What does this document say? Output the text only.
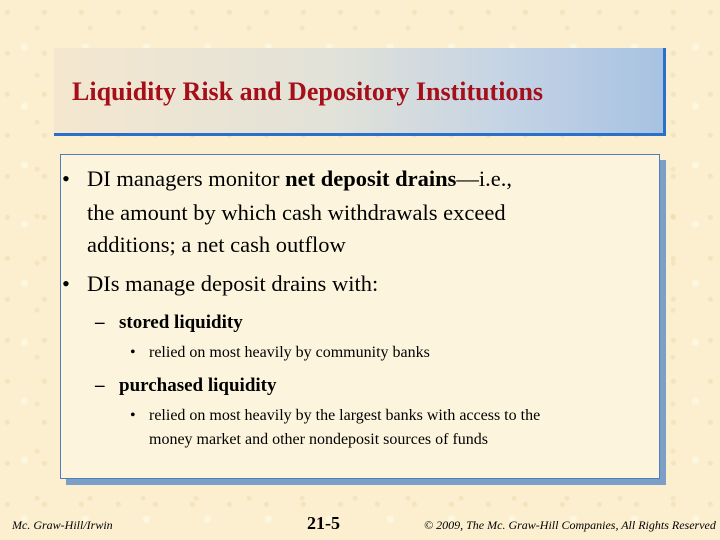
Liquidity Risk and Depository Institutions

• DI managers monitor net deposit drains—i.e.,

the amount by which cash withdrawals exceed

additions; a net cash outflow

• DIs manage deposit drains with:

– stored liquidity

• relied on most heavily by community banks

– purchased liquidity

• relied on most heavily by the largest banks with access to the

money market and other nondeposit sources of funds

Mc. Graw-Hill/Irwin	21-5	© 2009, The Mc. Graw-Hill Companies, All Rights Reserved
